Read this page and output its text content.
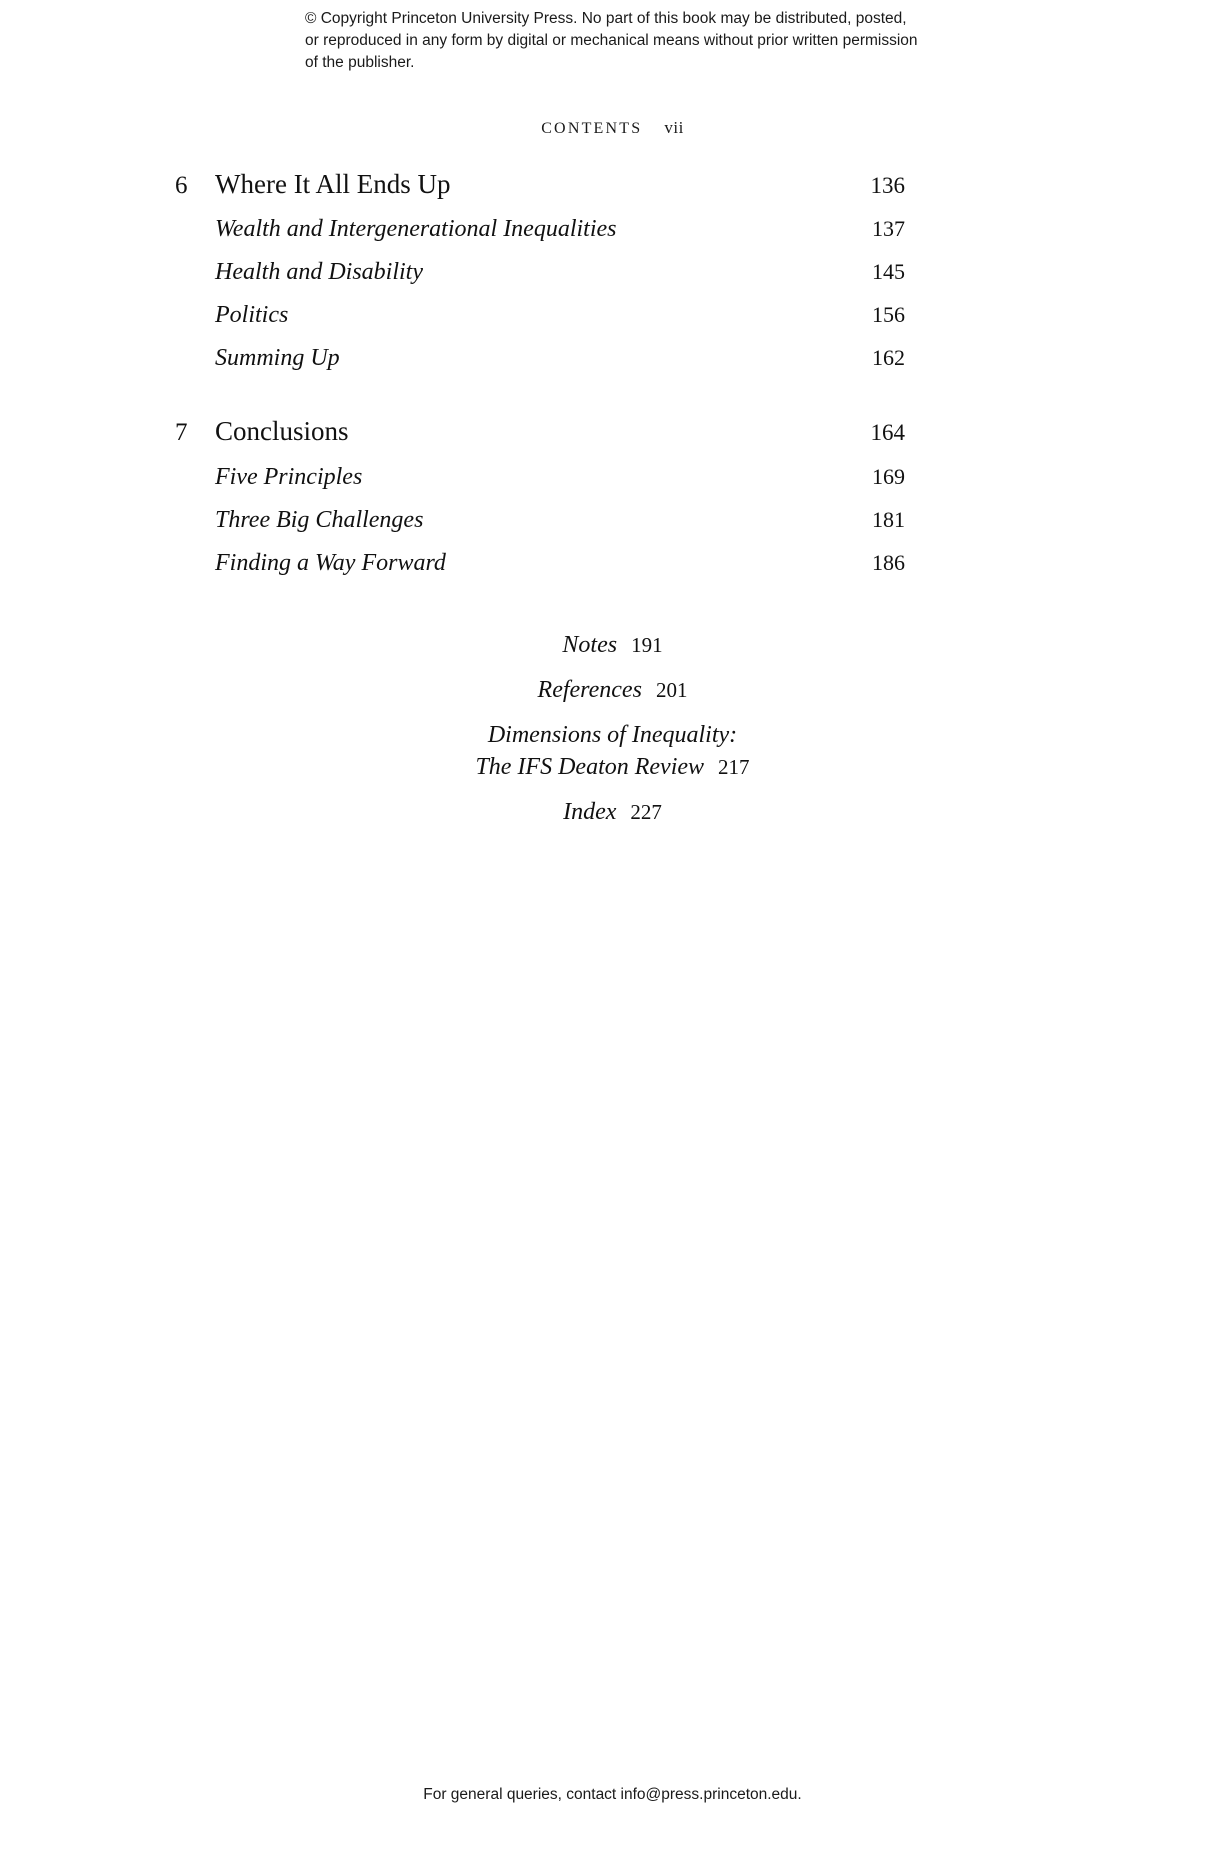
© Copyright Princeton University Press. No part of this book may be distributed, posted, or reproduced in any form by digital or mechanical means without prior written permission of the publisher.

CONTENTS vii
6	Where It All Ends Up	136
Wealth and Intergenerational Inequalities	137
Health and Disability	145
Politics	156
Summing Up	162
7	Conclusions	164
Five Principles	169
Three Big Challenges	181
Finding a Way Forward	186
Notes 191
References 201
Dimensions of Inequality:
The IFS Deaton Review 217
Index 227
For general queries, contact info@press.princeton.edu.
